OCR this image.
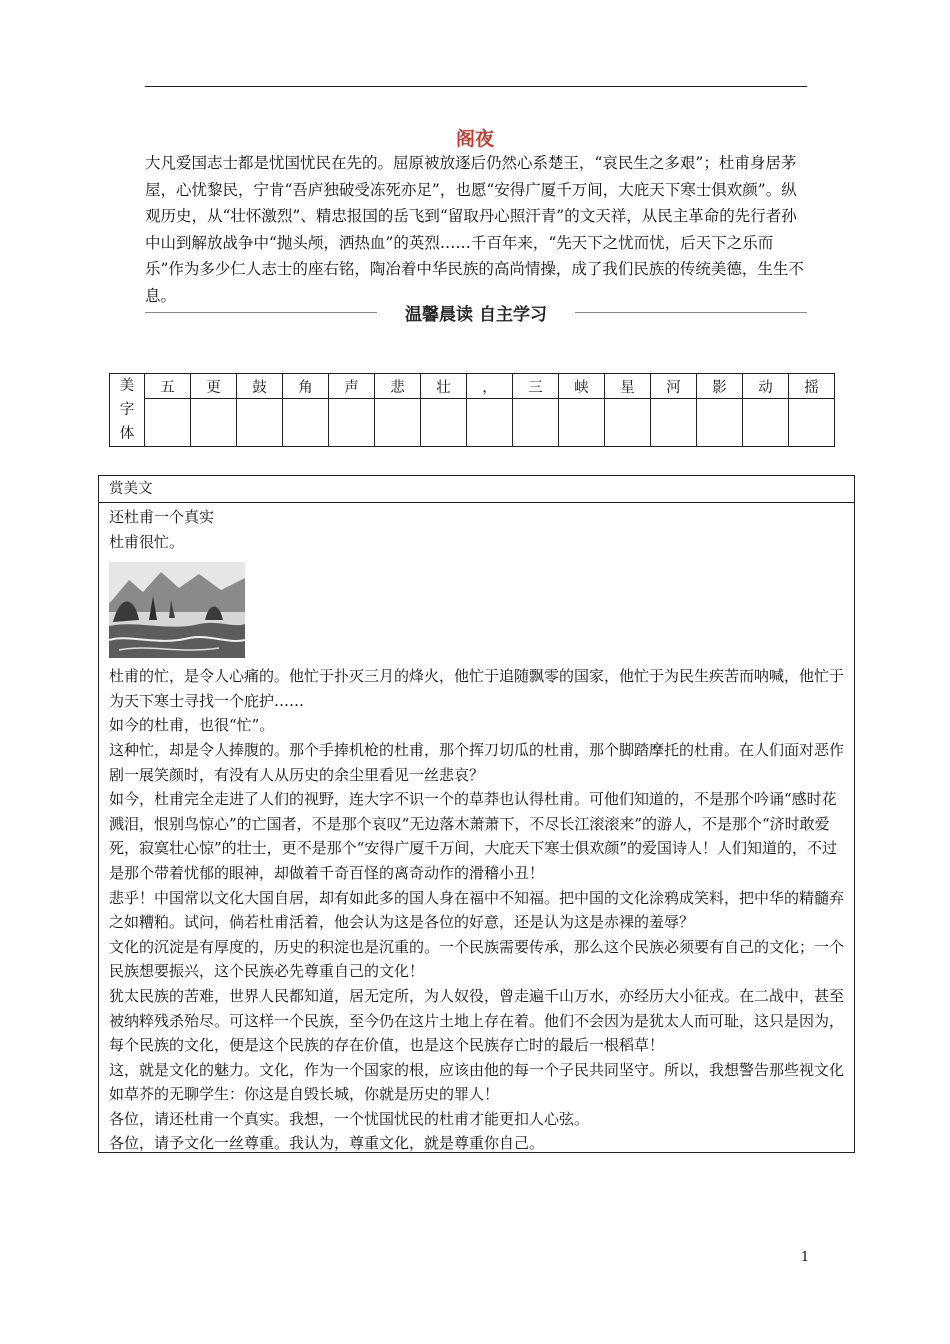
阁夜

大凡爱国志士都是忧国忧民在先的。屈原被放逐后仍然心系楚王，“哀民生之多艰”；杜甫身居茅屋，心忧黎民，宁肯“吾庐独破受冻死亦足”，也愿“安得广厦千万间，大庇天下寒士俱欢颜”。纵观历史，从“壮怀激烈”、精忠报国的岳飞到“留取丹心照汗青”的文天祥，从民主革命的先行者孙中山到解放战争中“抛头颅，洒热血”的英烈……千百年来，“先天下之忧而忧，后天下之乐而乐”作为多少仁人志士的座右铭，陶冶着中华民族的高尚情操，成了我们民族的传统美德，生生不息。

温馨晨读 自主学习
美字体	五	更	鼓	角	声	悲	壮	，	三	峡	星	河	影	动	摇

赏美文

还杜甫一个真实

杜甫很忙。

杜甫的忙，是令人心痛的。他忙于扑灭三月的烽火，他忙于追随飘零的国家，他忙于为民生疾苦而呐喊，他忙于为天下寒士寻找一个庇护……

如今的杜甫，也很“忙”。

这种忙，却是令人捧腹的。那个手捧机枪的杜甫，那个挥刀切瓜的杜甫，那个脚踏摩托的杜甫。在人们面对恶作剧一展笑颜时，有没有人从历史的余尘里看见一丝悲哀？

如今，杜甫完全走进了人们的视野，连大字不识一个的草莽也认得杜甫。可他们知道的，不是那个吟诵“感时花溅泪，恨别鸟惊心”的亡国者，不是那个哀叹“无边落木萧萧下，不尽长江滚滚来”的游人，不是那个“济时敢爱死，寂寞壮心惊”的壮士，更不是那个“安得广厦千万间，大庇天下寒士俱欢颜”的爱国诗人！人们知道的，不过是那个带着忧郁的眼神，却做着千奇百怪的离奇动作的滑稽小丑！

悲乎！中国常以文化大国自居，却有如此多的国人身在福中不知福。把中国的文化涂鸦成笑料，把中华的精髓弃之如糟粕。试问，倘若杜甫活着，他会认为这是各位的好意，还是认为这是赤裸的羞辱？

文化的沉淀是有厚度的，历史的积淀也是沉重的。一个民族需要传承，那么这个民族必须要有自己的文化；一个民族想要振兴，这个民族必先尊重自己的文化！

犹太民族的苦难，世界人民都知道，居无定所，为人奴役，曾走遍千山万水，亦经历大小征戎。在二战中，甚至被纳粹残杀殆尽。可这样一个民族，至今仍在这片土地上存在着。他们不会因为是犹太人而可耻，这只是因为，每个民族的文化，便是这个民族的存在价值，也是这个民族存亡时的最后一根稻草！

这，就是文化的魅力。文化，作为一个国家的根，应该由他的每一个子民共同坚守。所以，我想警告那些视文化如草芥的无聊学生：你这是自毁长城，你就是历史的罪人！

各位，请还杜甫一个真实。我想，一个忧国忧民的杜甫才能更扣人心弦。

各位，请予文化一丝尊重。我认为，尊重文化，就是尊重你自己。

1
